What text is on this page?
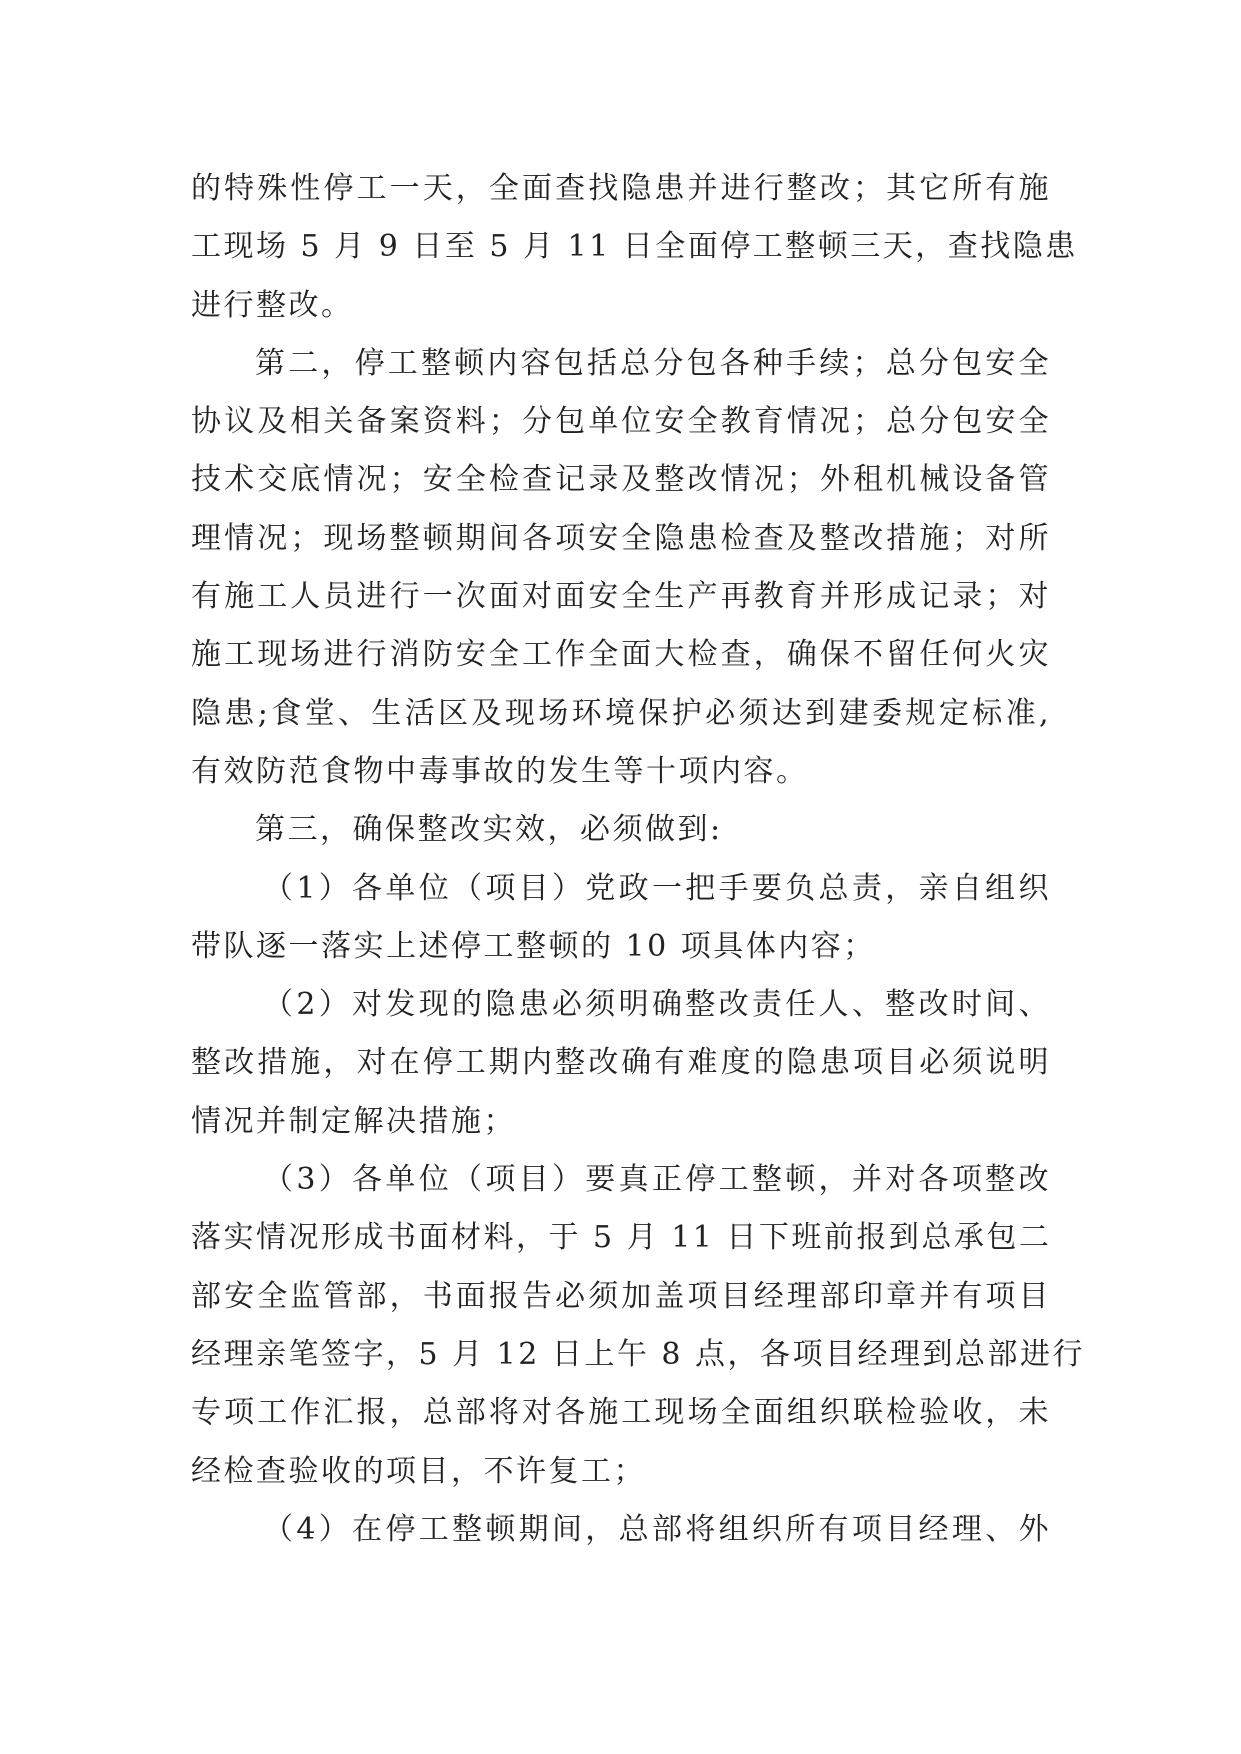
的特殊性停工一天，全面查找隐患并进行整改；其它所有施
工现场 5 月 9 日至 5 月 11 日全面停工整顿三天，查找隐患
进行整改。

第二，停工整顿内容包括总分包各种手续；总分包安全
协议及相关备案资料；分包单位安全教育情况；总分包安全
技术交底情况；安全检查记录及整改情况；外租机械设备管
理情况；现场整顿期间各项安全隐患检查及整改措施；对所
有施工人员进行一次面对面安全生产再教育并形成记录；对
施工现场进行消防安全工作全面大检查，确保不留任何火灾
隐患;食堂、生活区及现场环境保护必须达到建委规定标准,
有效防范食物中毒事故的发生等十项内容。

第三，确保整改实效，必须做到:

（1）各单位（项目）党政一把手要负总责，亲自组织
带队逐一落实上述停工整顿的 10 项具体内容；

（2）对发现的隐患必须明确整改责任人、整改时间、
整改措施，对在停工期内整改确有难度的隐患项目必须说明
情况并制定解决措施；

（3）各单位（项目）要真正停工整顿，并对各项整改
落实情况形成书面材料，于 5 月 11 日下班前报到总承包二
部安全监管部，书面报告必须加盖项目经理部印章并有项目
经理亲笔签字，5 月 12 日上午 8 点，各项目经理到总部进行
专项工作汇报，总部将对各施工现场全面组织联检验收，未
经检查验收的项目，不许复工；

（4）在停工整顿期间，总部将组织所有项目经理、外
